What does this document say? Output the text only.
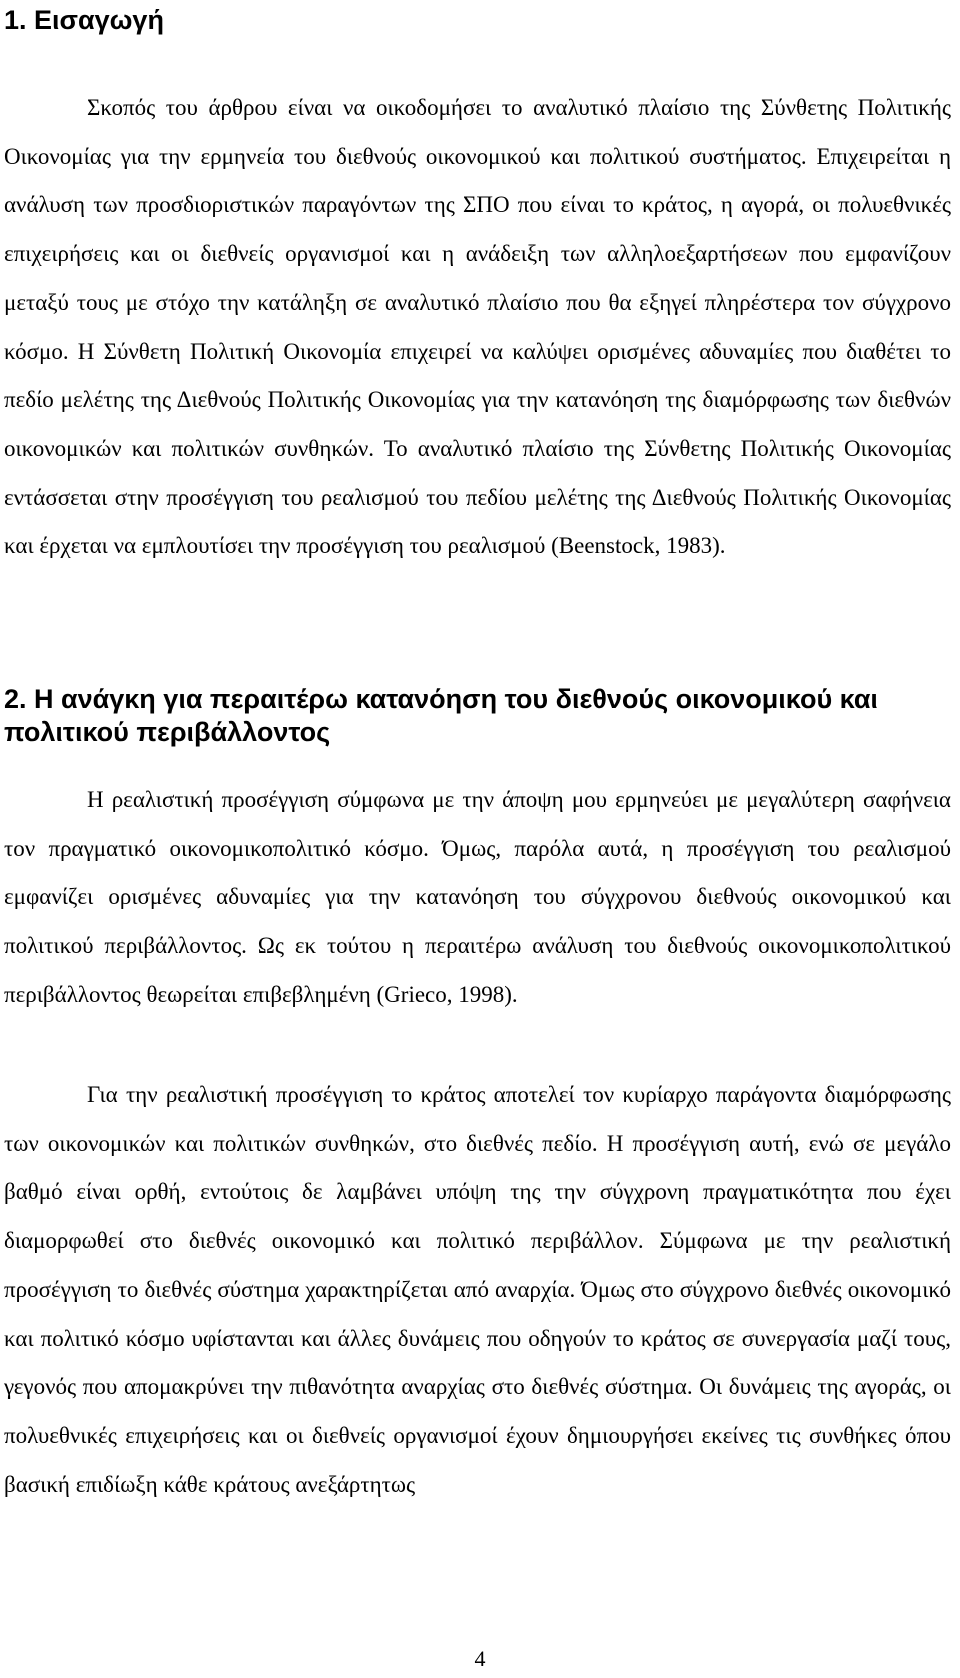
1. Εισαγωγή

Σκοπός του άρθρου είναι να οικοδομήσει το αναλυτικό πλαίσιο της Σύνθετης Πολιτικής Οικονομίας για την ερμηνεία του διεθνούς οικονομικού και πολιτικού συστήματος. Επιχειρείται η ανάλυση των προσδιοριστικών παραγόντων της ΣΠΟ που είναι το κράτος, η αγορά, οι πολυεθνικές επιχειρήσεις και οι διεθνείς οργανισμοί και η ανάδειξη των αλληλοεξαρτήσεων που εμφανίζουν μεταξύ τους με στόχο την κατάληξη σε αναλυτικό πλαίσιο που θα εξηγεί πληρέστερα τον σύγχρονο κόσμο. Η Σύνθετη Πολιτική Οικονομία επιχειρεί να καλύψει ορισμένες αδυναμίες που διαθέτει το πεδίο μελέτης της Διεθνούς Πολιτικής Οικονομίας για την κατανόηση της διαμόρφωσης των διεθνών οικονομικών και πολιτικών συνθηκών. Το αναλυτικό πλαίσιο της Σύνθετης Πολιτικής Οικονομίας εντάσσεται στην προσέγγιση του ρεαλισμού του πεδίου μελέτης της Διεθνούς Πολιτικής Οικονομίας και έρχεται να εμπλουτίσει την προσέγγιση του ρεαλισμού (Beenstock, 1983).

2. Η ανάγκη για περαιτέρω κατανόηση του διεθνούς οικονομικού και πολιτικού περιβάλλοντος

Η ρεαλιστική προσέγγιση σύμφωνα με την άποψη μου ερμηνεύει με μεγαλύτερη σαφήνεια τον πραγματικό οικονομικοπολιτικό κόσμο. Όμως, παρόλα αυτά, η προσέγγιση του ρεαλισμού εμφανίζει ορισμένες αδυναμίες για την κατανόηση του σύγχρονου διεθνούς οικονομικού και πολιτικού περιβάλλοντος. Ως εκ τούτου η περαιτέρω ανάλυση του διεθνούς οικονομικοπολιτικού περιβάλλοντος θεωρείται επιβεβλημένη (Grieco, 1998).

Για την ρεαλιστική προσέγγιση το κράτος αποτελεί τον κυρίαρχο παράγοντα διαμόρφωσης των οικονομικών και πολιτικών συνθηκών, στο διεθνές πεδίο. Η προσέγγιση αυτή, ενώ σε μεγάλο βαθμό είναι ορθή, εντούτοις δε λαμβάνει υπόψη της την σύγχρονη πραγματικότητα που έχει διαμορφωθεί στο διεθνές οικονομικό και πολιτικό περιβάλλον. Σύμφωνα με την ρεαλιστική προσέγγιση το διεθνές σύστημα χαρακτηρίζεται από αναρχία. Όμως στο σύγχρονο διεθνές οικονομικό και πολιτικό κόσμο υφίστανται και άλλες δυνάμεις που οδηγούν το κράτος σε συνεργασία μαζί τους, γεγονός που απομακρύνει την πιθανότητα αναρχίας στο διεθνές σύστημα. Οι δυνάμεις της αγοράς, οι πολυεθνικές επιχειρήσεις και οι διεθνείς οργανισμοί έχουν δημιουργήσει εκείνες τις συνθήκες όπου βασική επιδίωξη κάθε κράτους ανεξάρτητως

4
